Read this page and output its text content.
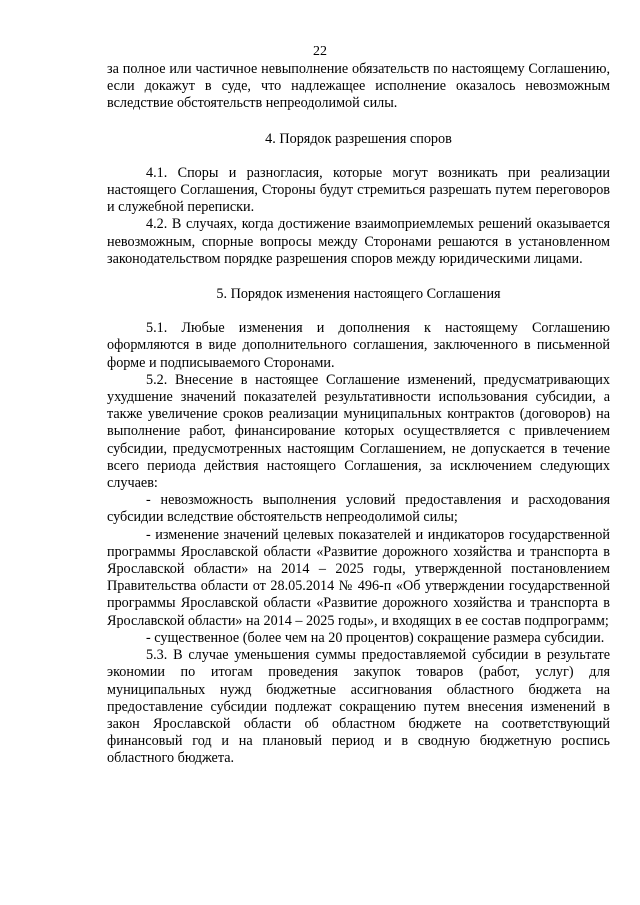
22

за полное или частичное невыполнение обязательств по настоящему Соглашению, если докажут в суде, что надлежащее исполнение оказалось невозможным вследствие обстоятельств непреодолимой силы.

4. Порядок разрешения споров

4.1. Споры и разногласия, которые могут возникать при реализации настоящего Соглашения, Стороны будут стремиться разрешать путем переговоров и служебной переписки.

4.2. В случаях, когда достижение взаимоприемлемых решений оказывается невозможным, спорные вопросы между Сторонами решаются в установленном законодательством порядке разрешения споров между юридическими лицами.

5. Порядок изменения настоящего Соглашения

5.1. Любые изменения и дополнения к настоящему Соглашению оформляются в виде дополнительного соглашения, заключенного в письменной форме и подписываемого Сторонами.

5.2. Внесение в настоящее Соглашение изменений, предусматривающих ухудшение значений показателей результативности использования субсидии, а также увеличение сроков реализации муниципальных контрактов (договоров) на выполнение работ, финансирование которых осуществляется с привлечением субсидии, предусмотренных настоящим Соглашением, не допускается в течение всего периода действия настоящего Соглашения, за исключением следующих случаев:

- невозможность выполнения условий предоставления и расходования субсидии вследствие обстоятельств непреодолимой силы;

- изменение значений целевых показателей и индикаторов государственной программы Ярославской области «Развитие дорожного хозяйства и транспорта в Ярославской области» на 2014 – 2025 годы, утвержденной постановлением Правительства области от 28.05.2014 № 496-п «Об утверждении государственной программы Ярославской области «Развитие дорожного хозяйства и транспорта в Ярославской области» на 2014 – 2025 годы», и входящих в ее состав подпрограмм;

- существенное (более чем на 20 процентов) сокращение размера субсидии.

5.3. В случае уменьшения суммы предоставляемой субсидии в результате экономии по итогам проведения закупок товаров (работ, услуг) для муниципальных нужд бюджетные ассигнования областного бюджета на предоставление субсидии подлежат сокращению путем внесения изменений в закон Ярославской области об областном бюджете на соответствующий финансовый год и на плановый период и в сводную бюджетную роспись областного бюджета.
